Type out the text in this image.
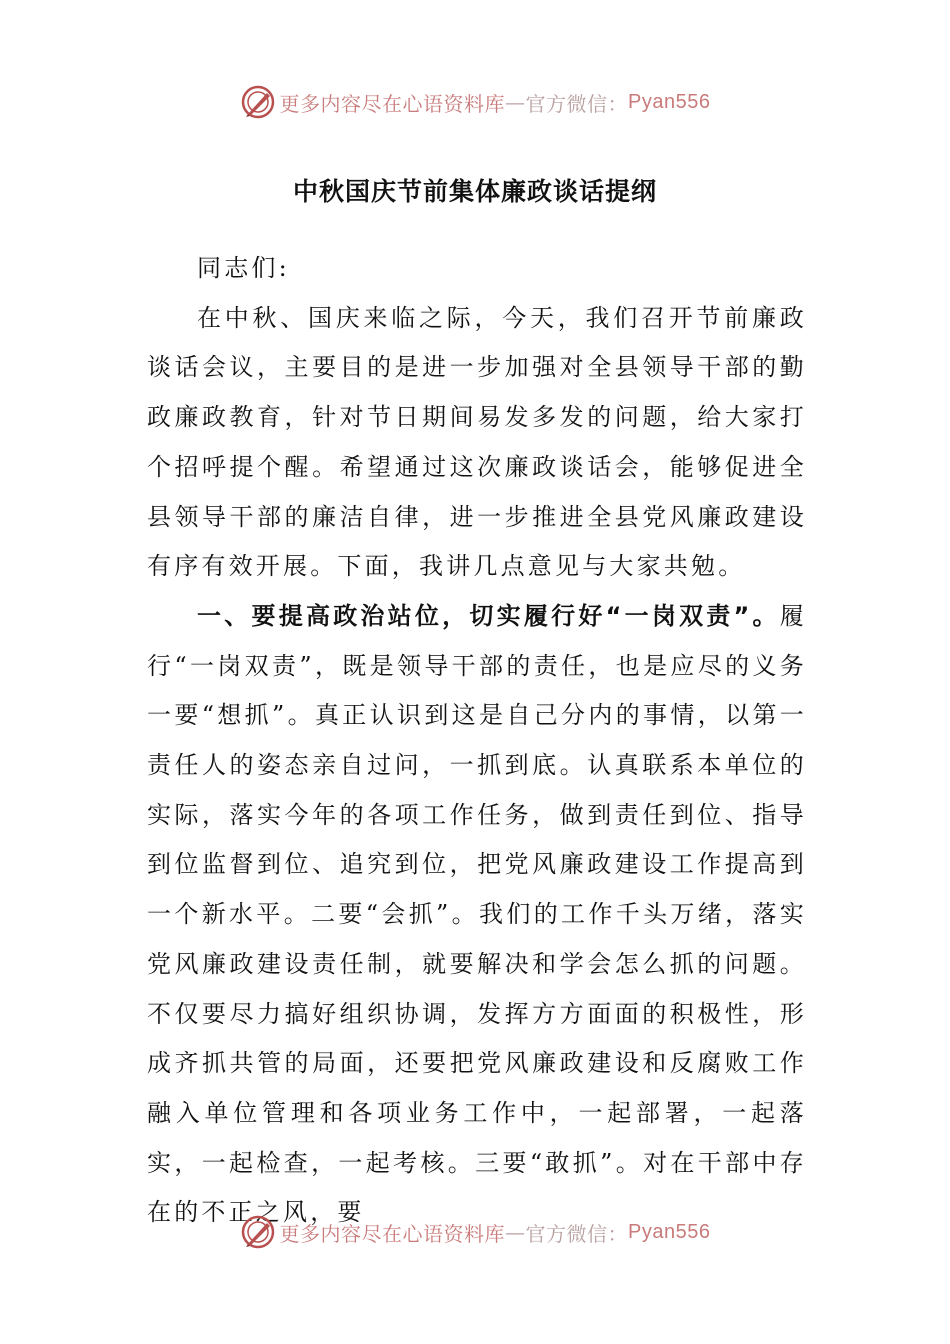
更多内容尽在心语资料库 — 官方微信： Pyan556
中秋国庆节前集体廉政谈话提纲

同志们:

在中秋、国庆来临之际，今天，我们召开节前廉政谈话会议，主要目的是进一步加强对全县领导干部的勤政廉政教育，针对节日期间易发多发的问题，给大家打个招呼提个醒。希望通过这次廉政谈话会，能够促进全县领导干部的廉洁自律，进一步推进全县党风廉政建设有序有效开展。下面，我讲几点意见与大家共勉。

一、要提高政治站位，切实履行好“一岗双责”。履行“一岗双责”，既是领导干部的责任，也是应尽的义务一要“想抓”。真正认识到这是自己分内的事情，以第一责任人的姿态亲自过问，一抓到底。认真联系本单位的实际，落实今年的各项工作任务，做到责任到位、指导到位监督到位、追究到位，把党风廉政建设工作提高到一个新水平。二要“会抓”。我们的工作千头万绪，落实党风廉政建设责任制，就要解决和学会怎么抓的问题。不仅要尽力搞好组织协调，发挥方方面面的积极性，形成齐抓共管的局面，还要把党风廉政建设和反腐败工作融入单位管理和各项业务工作中，一起部署，一起落实，一起检查，一起考核。三要“敢抓”。对在干部中存在的不正之风，要

更多内容尽在心语资料库 — 官方微信： Pyan556
